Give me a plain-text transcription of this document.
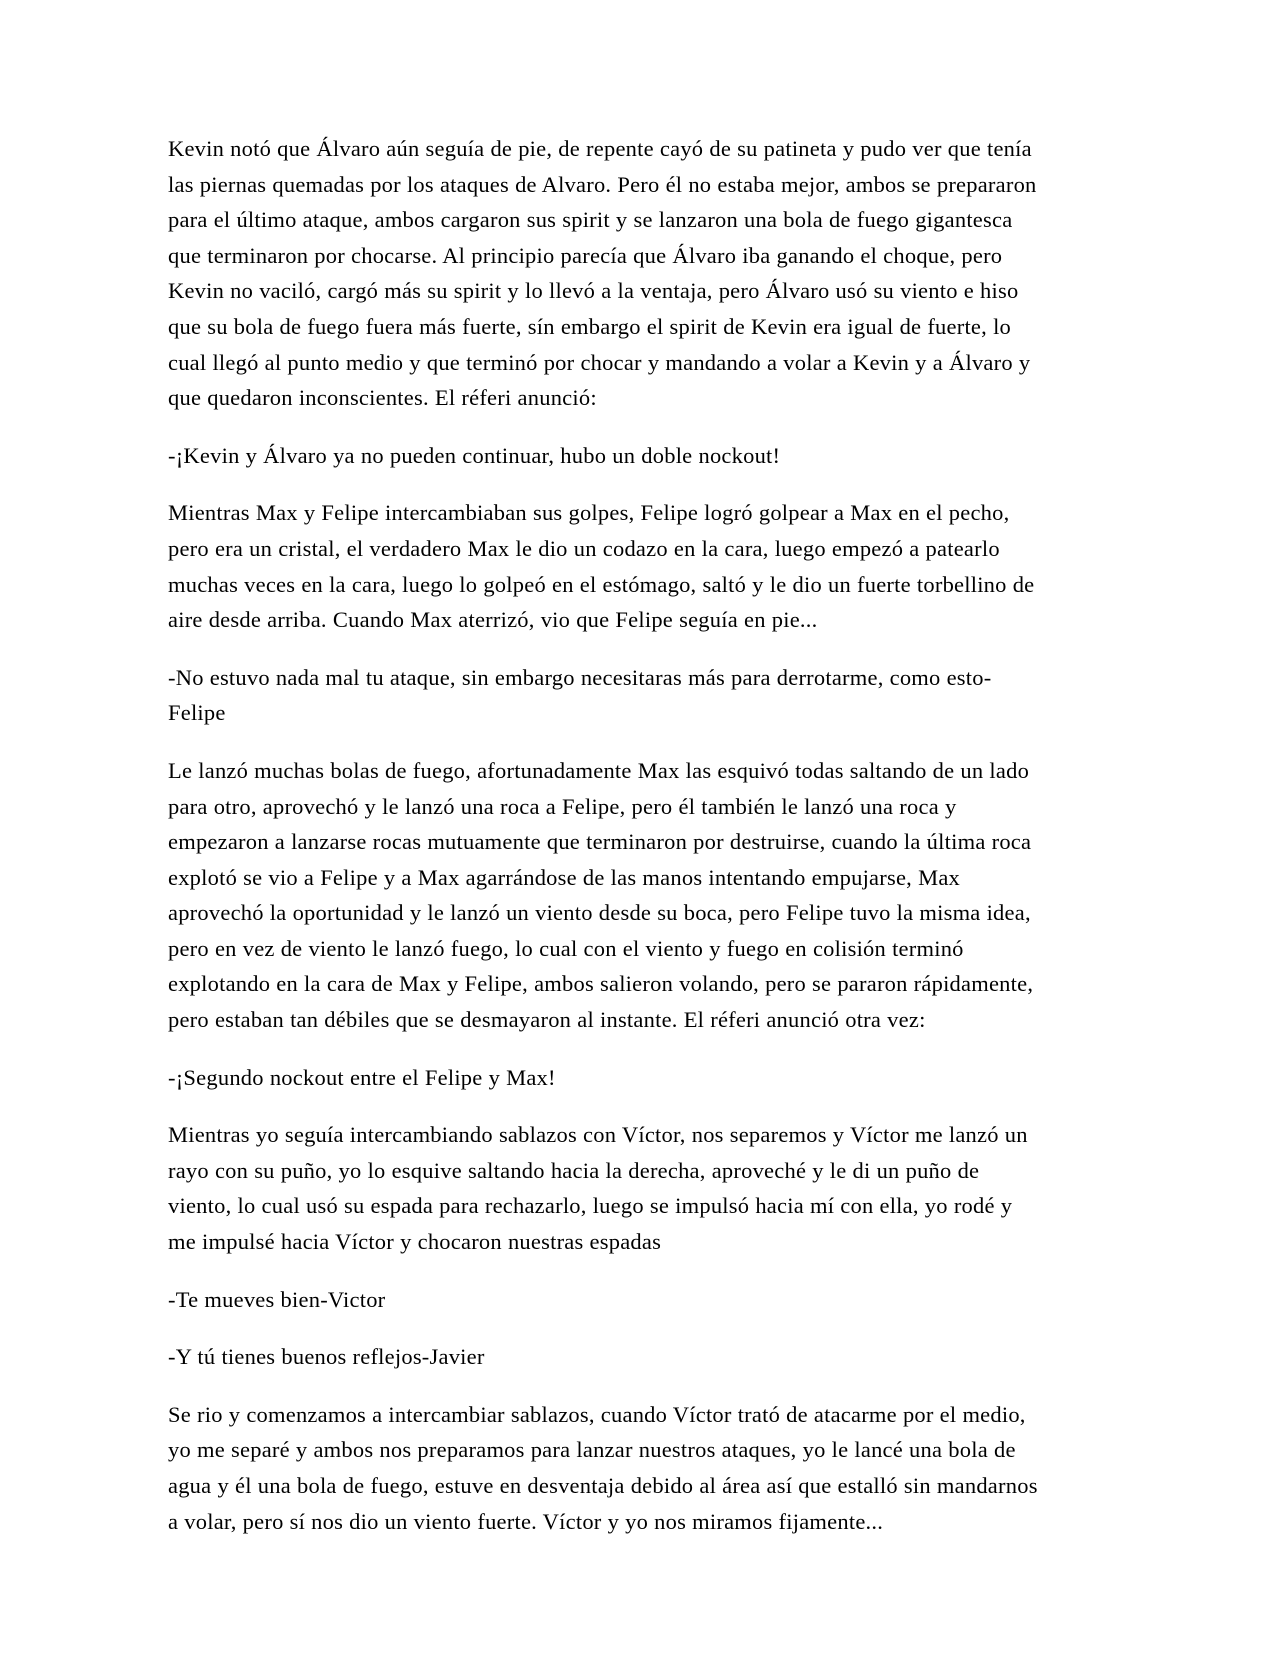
Kevin notó que Álvaro aún seguía de pie, de repente cayó de su patineta y pudo ver que tenía las piernas quemadas por los ataques de Alvaro. Pero él no estaba mejor, ambos se prepararon para el último ataque, ambos cargaron sus spirit y se lanzaron una bola de fuego gigantesca que terminaron por chocarse. Al principio parecía que Álvaro iba ganando el choque, pero Kevin no vaciló, cargó más su spirit y lo llevó a la ventaja, pero Álvaro usó su viento e hiso que su bola de fuego fuera más fuerte, sín embargo el spirit de Kevin era igual de fuerte, lo cual llegó al punto medio y que terminó por chocar y mandando a volar a Kevin y a Álvaro y que quedaron inconscientes. El réferi anunció:

-¡Kevin y Álvaro ya no pueden continuar, hubo un doble nockout!

Mientras Max y Felipe intercambiaban sus golpes, Felipe logró golpear a Max en el pecho, pero era un cristal, el verdadero Max le dio un codazo en la cara, luego empezó a patearlo muchas veces en la cara, luego lo golpeó en el estómago, saltó y le dio un fuerte torbellino de aire desde arriba. Cuando Max aterrizó, vio que Felipe seguía en pie...

-No estuvo nada mal tu ataque, sin embargo necesitaras más para derrotarme, como esto-Felipe

Le lanzó muchas bolas de fuego, afortunadamente Max las esquivó todas saltando de un lado para otro, aprovechó y le lanzó una roca a Felipe, pero él también le lanzó una roca y empezaron a lanzarse rocas mutuamente que terminaron por destruirse, cuando la última roca explotó se vio a Felipe y a Max agarrándose de las manos intentando empujarse, Max aprovechó la oportunidad y le lanzó un viento desde su boca, pero Felipe tuvo la misma idea, pero en vez de viento le lanzó fuego, lo cual con el viento y fuego en colisión terminó explotando en la cara de Max y Felipe, ambos salieron volando, pero se pararon rápidamente, pero estaban tan débiles que se desmayaron al instante. El réferi anunció otra vez:

-¡Segundo nockout entre el Felipe y Max!

Mientras yo seguía intercambiando sablazos con Víctor, nos separemos y Víctor me lanzó un rayo con su puño, yo lo esquive saltando hacia la derecha, aproveché y le di un puño de viento, lo cual usó su espada para rechazarlo, luego se impulsó hacia mí con ella, yo rodé y me impulsé hacia Víctor y chocaron nuestras espadas

-Te mueves bien-Victor

-Y tú tienes buenos reflejos-Javier

Se rio y comenzamos a intercambiar sablazos, cuando Víctor trató de atacarme por el medio, yo me separé y ambos nos preparamos para lanzar nuestros ataques, yo le lancé una bola de agua y él una bola de fuego, estuve en desventaja debido al área así que estalló sin mandarnos a volar, pero sí nos dio un viento fuerte. Víctor y yo nos miramos fijamente...
